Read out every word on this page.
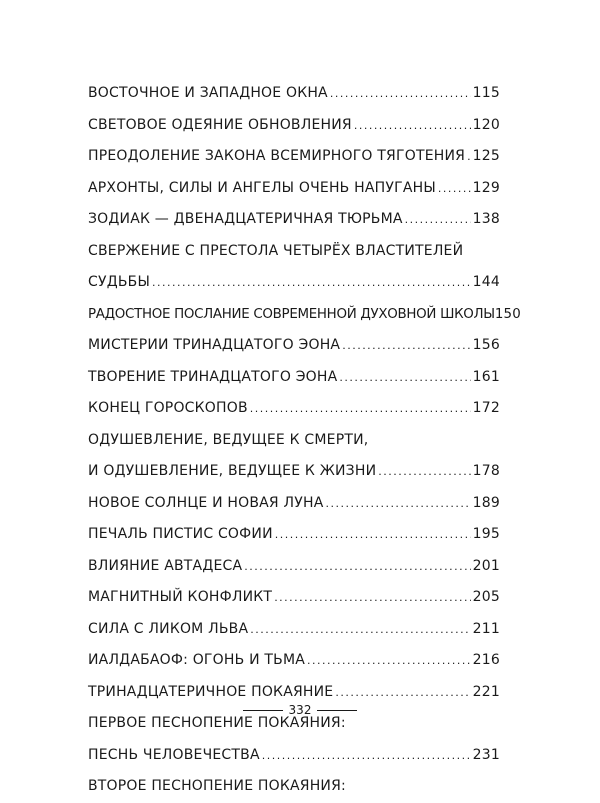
ВОСТОЧНОЕ И ЗАПАДНОЕ ОКНА .....	115
СВЕТОВОЕ ОДЕЯНИЕ ОБНОВЛЕНИЯ .....	120
ПРЕОДОЛЕНИЕ ЗАКОНА ВСЕМИРНОГО ТЯГОТЕНИЯ ..... 125
АРХОНТЫ, СИЛЫ И АНГЕЛЫ ОЧЕНЬ НАПУГАНЫ .....	129
ЗОДИАК — ДВЕНАДЦАТЕРИЧНАЯ ТЮРЬМА .....	138
СВЕРЖЕНИЕ С ПРЕСТОЛА ЧЕТЫРЁХ ВЛАСТИТЕЛЕЙ
СУДЬБЫ .....	144
РАДОСТНОЕ ПОСЛАНИЕ СОВРЕМЕННОЙ ДУХОВНОЙ ШКОЛЫ 150
МИСТЕРИИ ТРИНАДЦАТОГО ЭОНА .....	156
ТВОРЕНИЕ ТРИНАДЦАТОГО ЭОНА .....	161
КОНЕЦ ГОРОСКОПОВ .....	172
ОДУШЕВЛЕНИЕ, ВЕДУЩЕЕ К СМЕРТИ,
И ОДУШЕВЛЕНИЕ, ВЕДУЩЕЕ К ЖИЗНИ .....	178
НОВОЕ СОЛНЦЕ И НОВАЯ ЛУНА .....	189
ПЕЧАЛЬ ПИСТИС СОФИИ .....	195
ВЛИЯНИЕ АВТАДЕСА .....	201
МАГНИТНЫЙ КОНФЛИКТ .....	205
СИЛА С ЛИКОМ ЛЬВА .....	211
ИАЛДАБАОФ: ОГОНЬ И ТЬМА .....	216
ТРИНАДЦАТЕРИЧНОЕ ПОКАЯНИЕ .....	221
ПЕРВОЕ ПЕСНОПЕНИЕ ПОКАЯНИЯ:
ПЕСНЬ ЧЕЛОВЕЧЕСТВА .....	231
ВТОРОЕ ПЕСНОПЕНИЕ ПОКАЯНИЯ:
332
